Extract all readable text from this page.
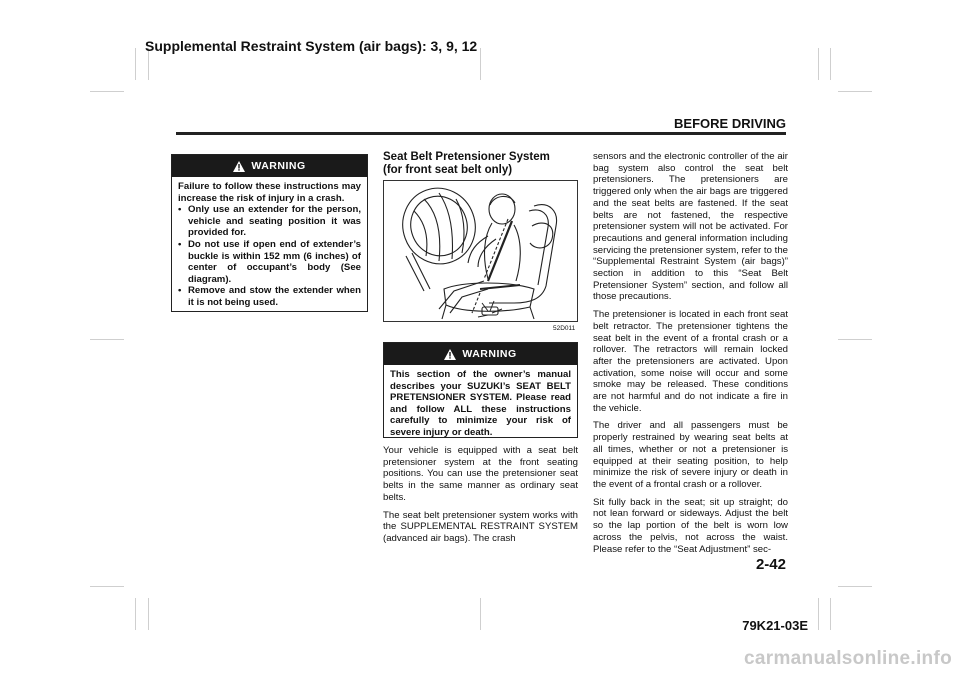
Supplemental Restraint System (air bags): 3, 9, 12
BEFORE DRIVING
WARNING
Failure to follow these instructions may increase the risk of injury in a crash.
• Only use an extender for the person, vehicle and seating position it was provided for.
• Do not use if open end of extender’s buckle is within 152 mm (6 inches) of center of occupant’s body (See diagram).
• Remove and stow the extender when it is not being used.
Seat Belt Pretensioner System
(for front seat belt only)
52D011
WARNING
This section of the owner’s manual describes your SUZUKI’s SEAT BELT PRETENSIONER SYSTEM. Please read and follow ALL these instructions carefully to minimize your risk of severe injury or death.

Your vehicle is equipped with a seat belt pretensioner system at the front seating positions. You can use the pretensioner seat belts in the same manner as ordinary seat belts.

The seat belt pretensioner system works with the SUPPLEMENTAL RESTRAINT SYSTEM (advanced air bags). The crash

sensors and the electronic controller of the air bag system also control the seat belt pretensioners. The pretensioners are triggered only when the air bags are triggered and the seat belts are fastened. If the seat belts are not fastened, the respective pretensioner system will not be activated. For precautions and general information including servicing the pretensioner system, refer to the “Supplemental Restraint System (air bags)” section in addition to this “Seat Belt Pretensioner System” section, and follow all those precautions.

The pretensioner is located in each front seat belt retractor. The pretensioner tightens the seat belt in the event of a frontal crash or a rollover. The retractors will remain locked after the pretensioners are activated. Upon activation, some noise will occur and some smoke may be released. These conditions are not harmful and do not indicate a fire in the vehicle.

The driver and all passengers must be properly restrained by wearing seat belts at all times, whether or not a pretensioner is equipped at their seating position, to help minimize the risk of severe injury or death in the event of a frontal crash or a rollover.

Sit fully back in the seat; sit up straight; do not lean forward or sideways. Adjust the belt so the lap portion of the belt is worn low across the pelvis, not across the waist. Please refer to the “Seat Adjustment” sec-

2-42
79K21-03E
carmanualsonline.info
